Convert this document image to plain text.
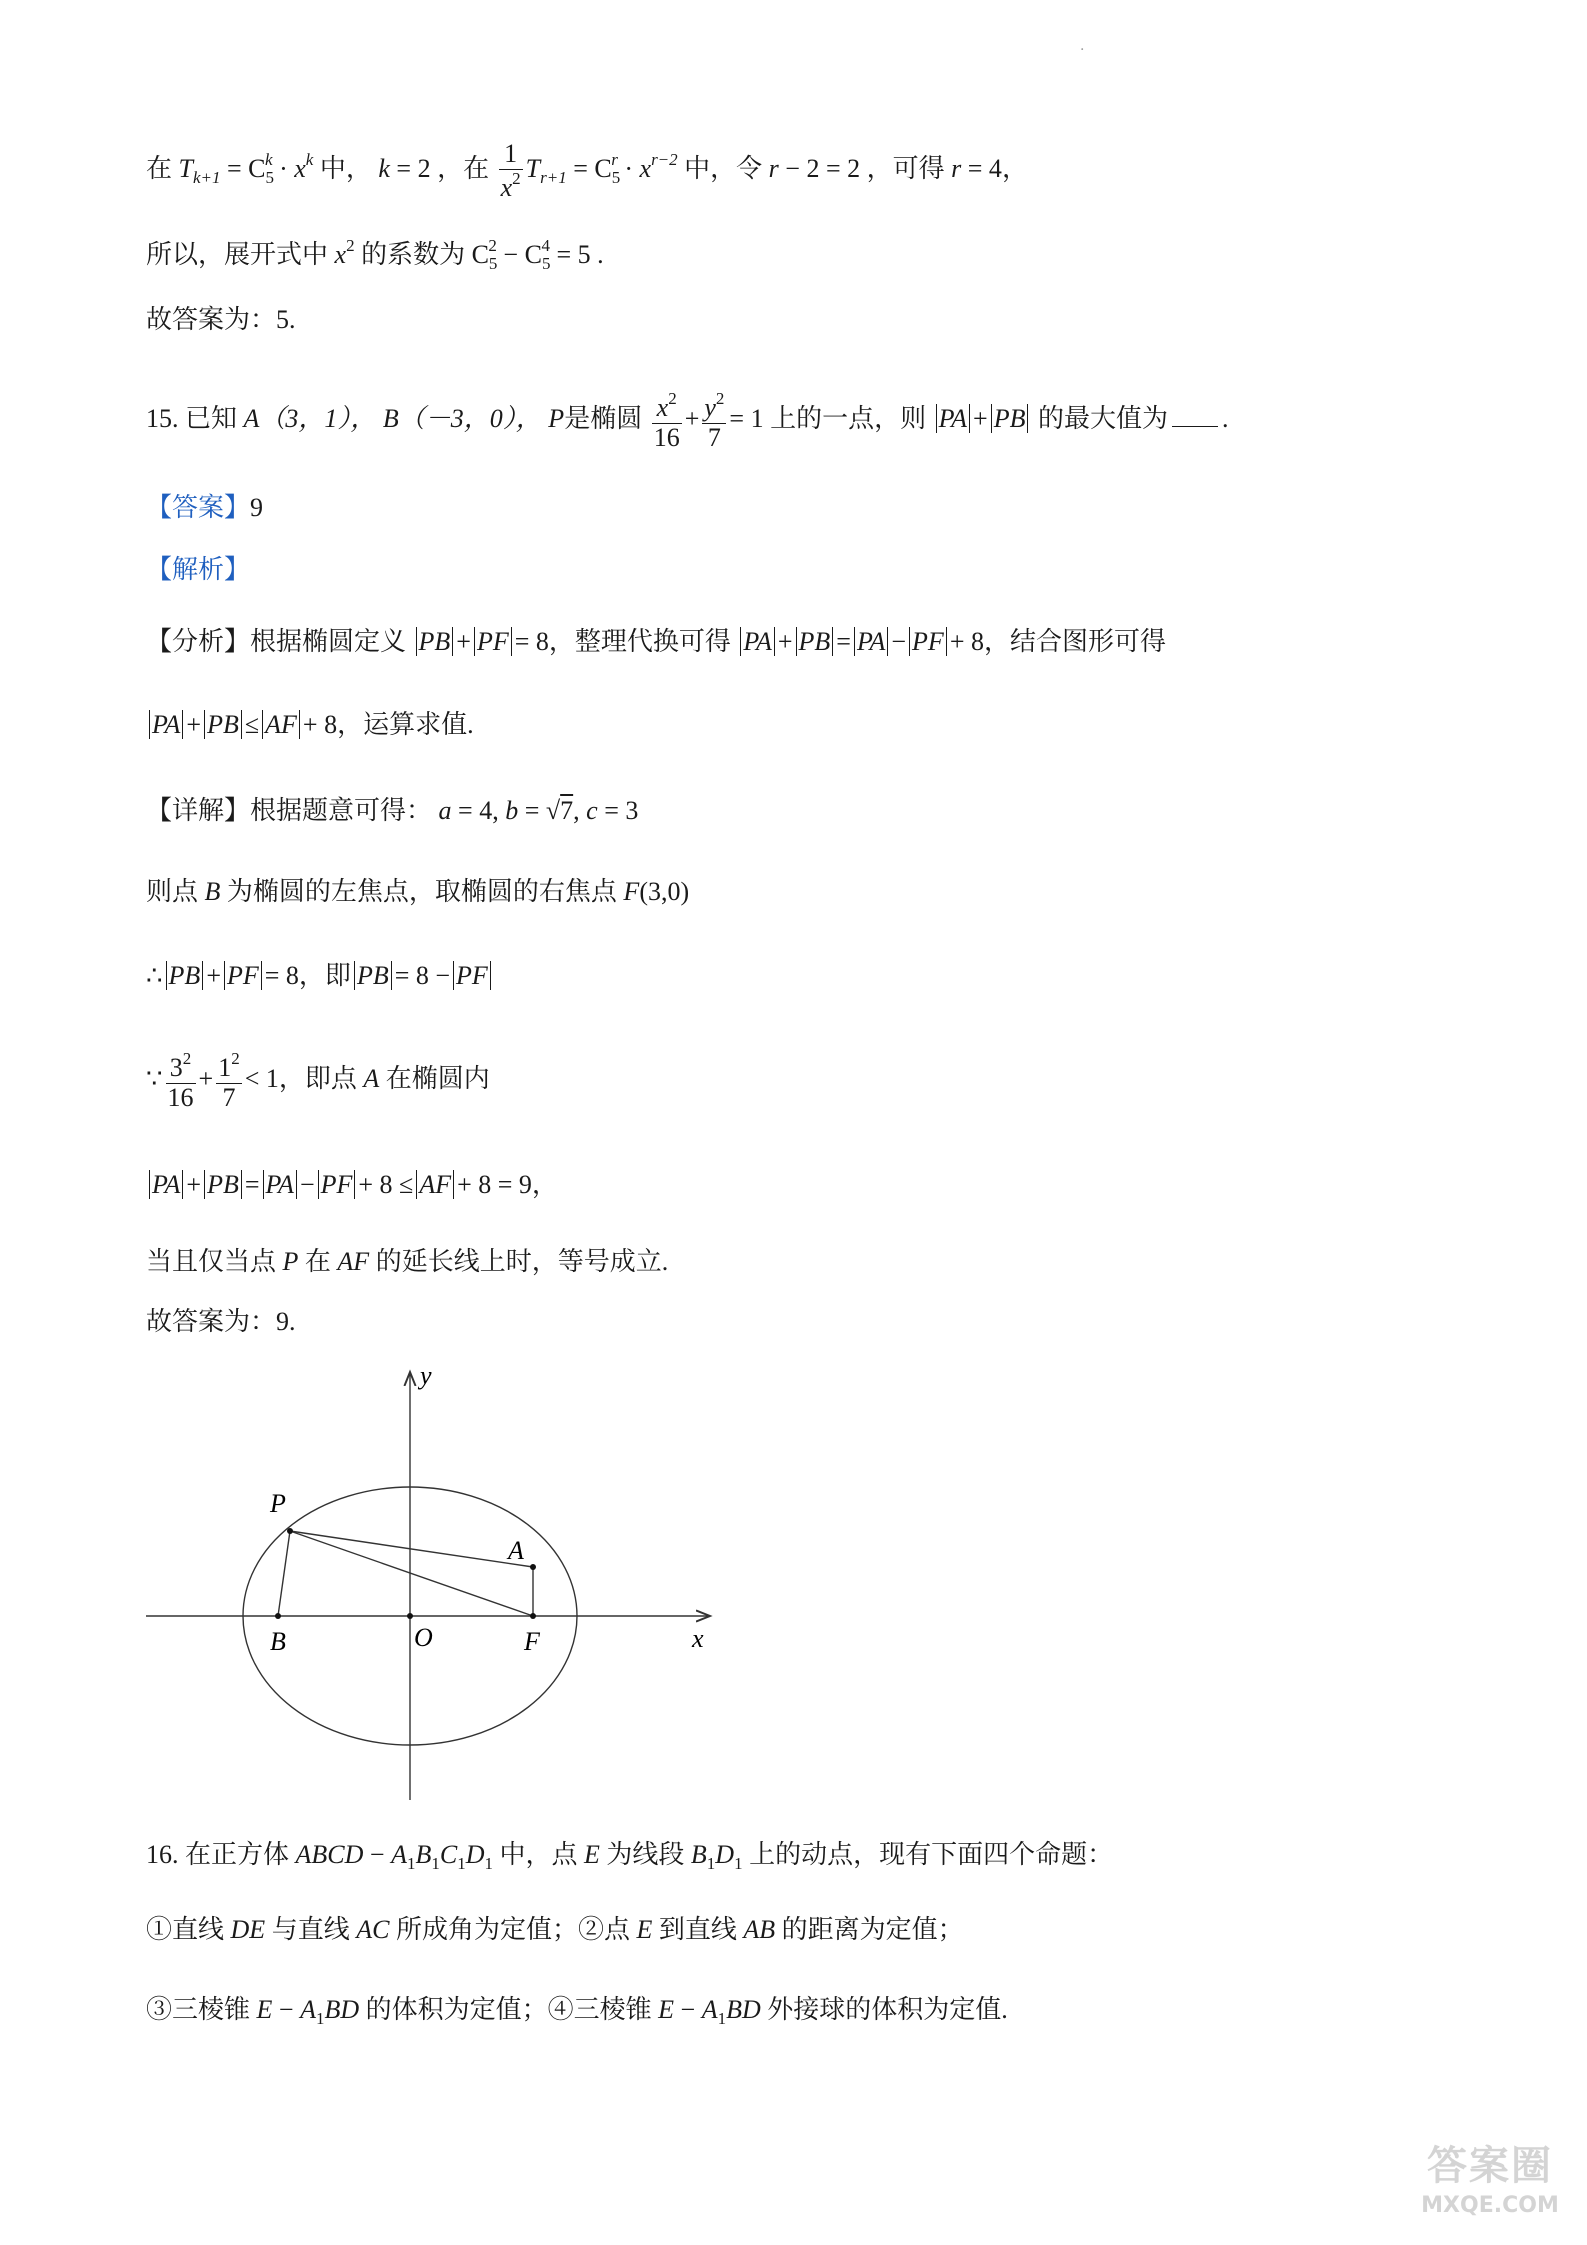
·
在 $T_{k+1} = C_5^k \cdot x^k$ 中， k = 2 ，在 $\frac{1}{x^2} T_{r+1} = C_5^r \cdot x^{r-2}$ 中，令 r − 2 = 2 ，可得 r = 4，
所以，展开式中 $x^2$ 的系数为 $C_5^2 - C_5^4 = 5$ .
故答案为：5.
15. 已知 A（3，1）， B（－3，0）， P是椭圆 $\frac{x^2}{16} + \frac{y^2}{7} = 1$ 上的一点，则 PA + PB 的最大值为 .
【答案】9
【解析】
【分析】根据椭圆定义 PB + PF = 8，整理代换可得 PA + PB = PA − PF + 8，结合图形可得
PA + PB ≤ AF + 8，运算求值.
【详解】根据题意可得： a = 4, b = √7, c = 3
则点 B 为椭圆的左焦点，取椭圆的右焦点 F(3,0)
∴ PB + PF = 8，即 PB = 8 − PF
∵ $\frac{3^2}{16} + \frac{1^2}{7} < 1$，即点 A 在椭圆内
PA + PB = PA − PF + 8 ≤ AF + 8 = 9，
当且仅当点 P 在 AF 的延长线上时，等号成立.
故答案为：9.
y
x
P
A
B	O	F
16. 在正方体 ABCD − $A_1B_1C_1D_1$ 中，点 E 为线段 $B_1D_1$ 上的动点，现有下面四个命题：
①直线 DE 与直线 AC 所成角为定值；②点 E 到直线 AB 的距离为定值；
③三棱锥 $E - A_1BD$ 的体积为定值；④三棱锥 $E - A_1BD$ 外接球的体积为定值.
答案圈
MXQE.COM
